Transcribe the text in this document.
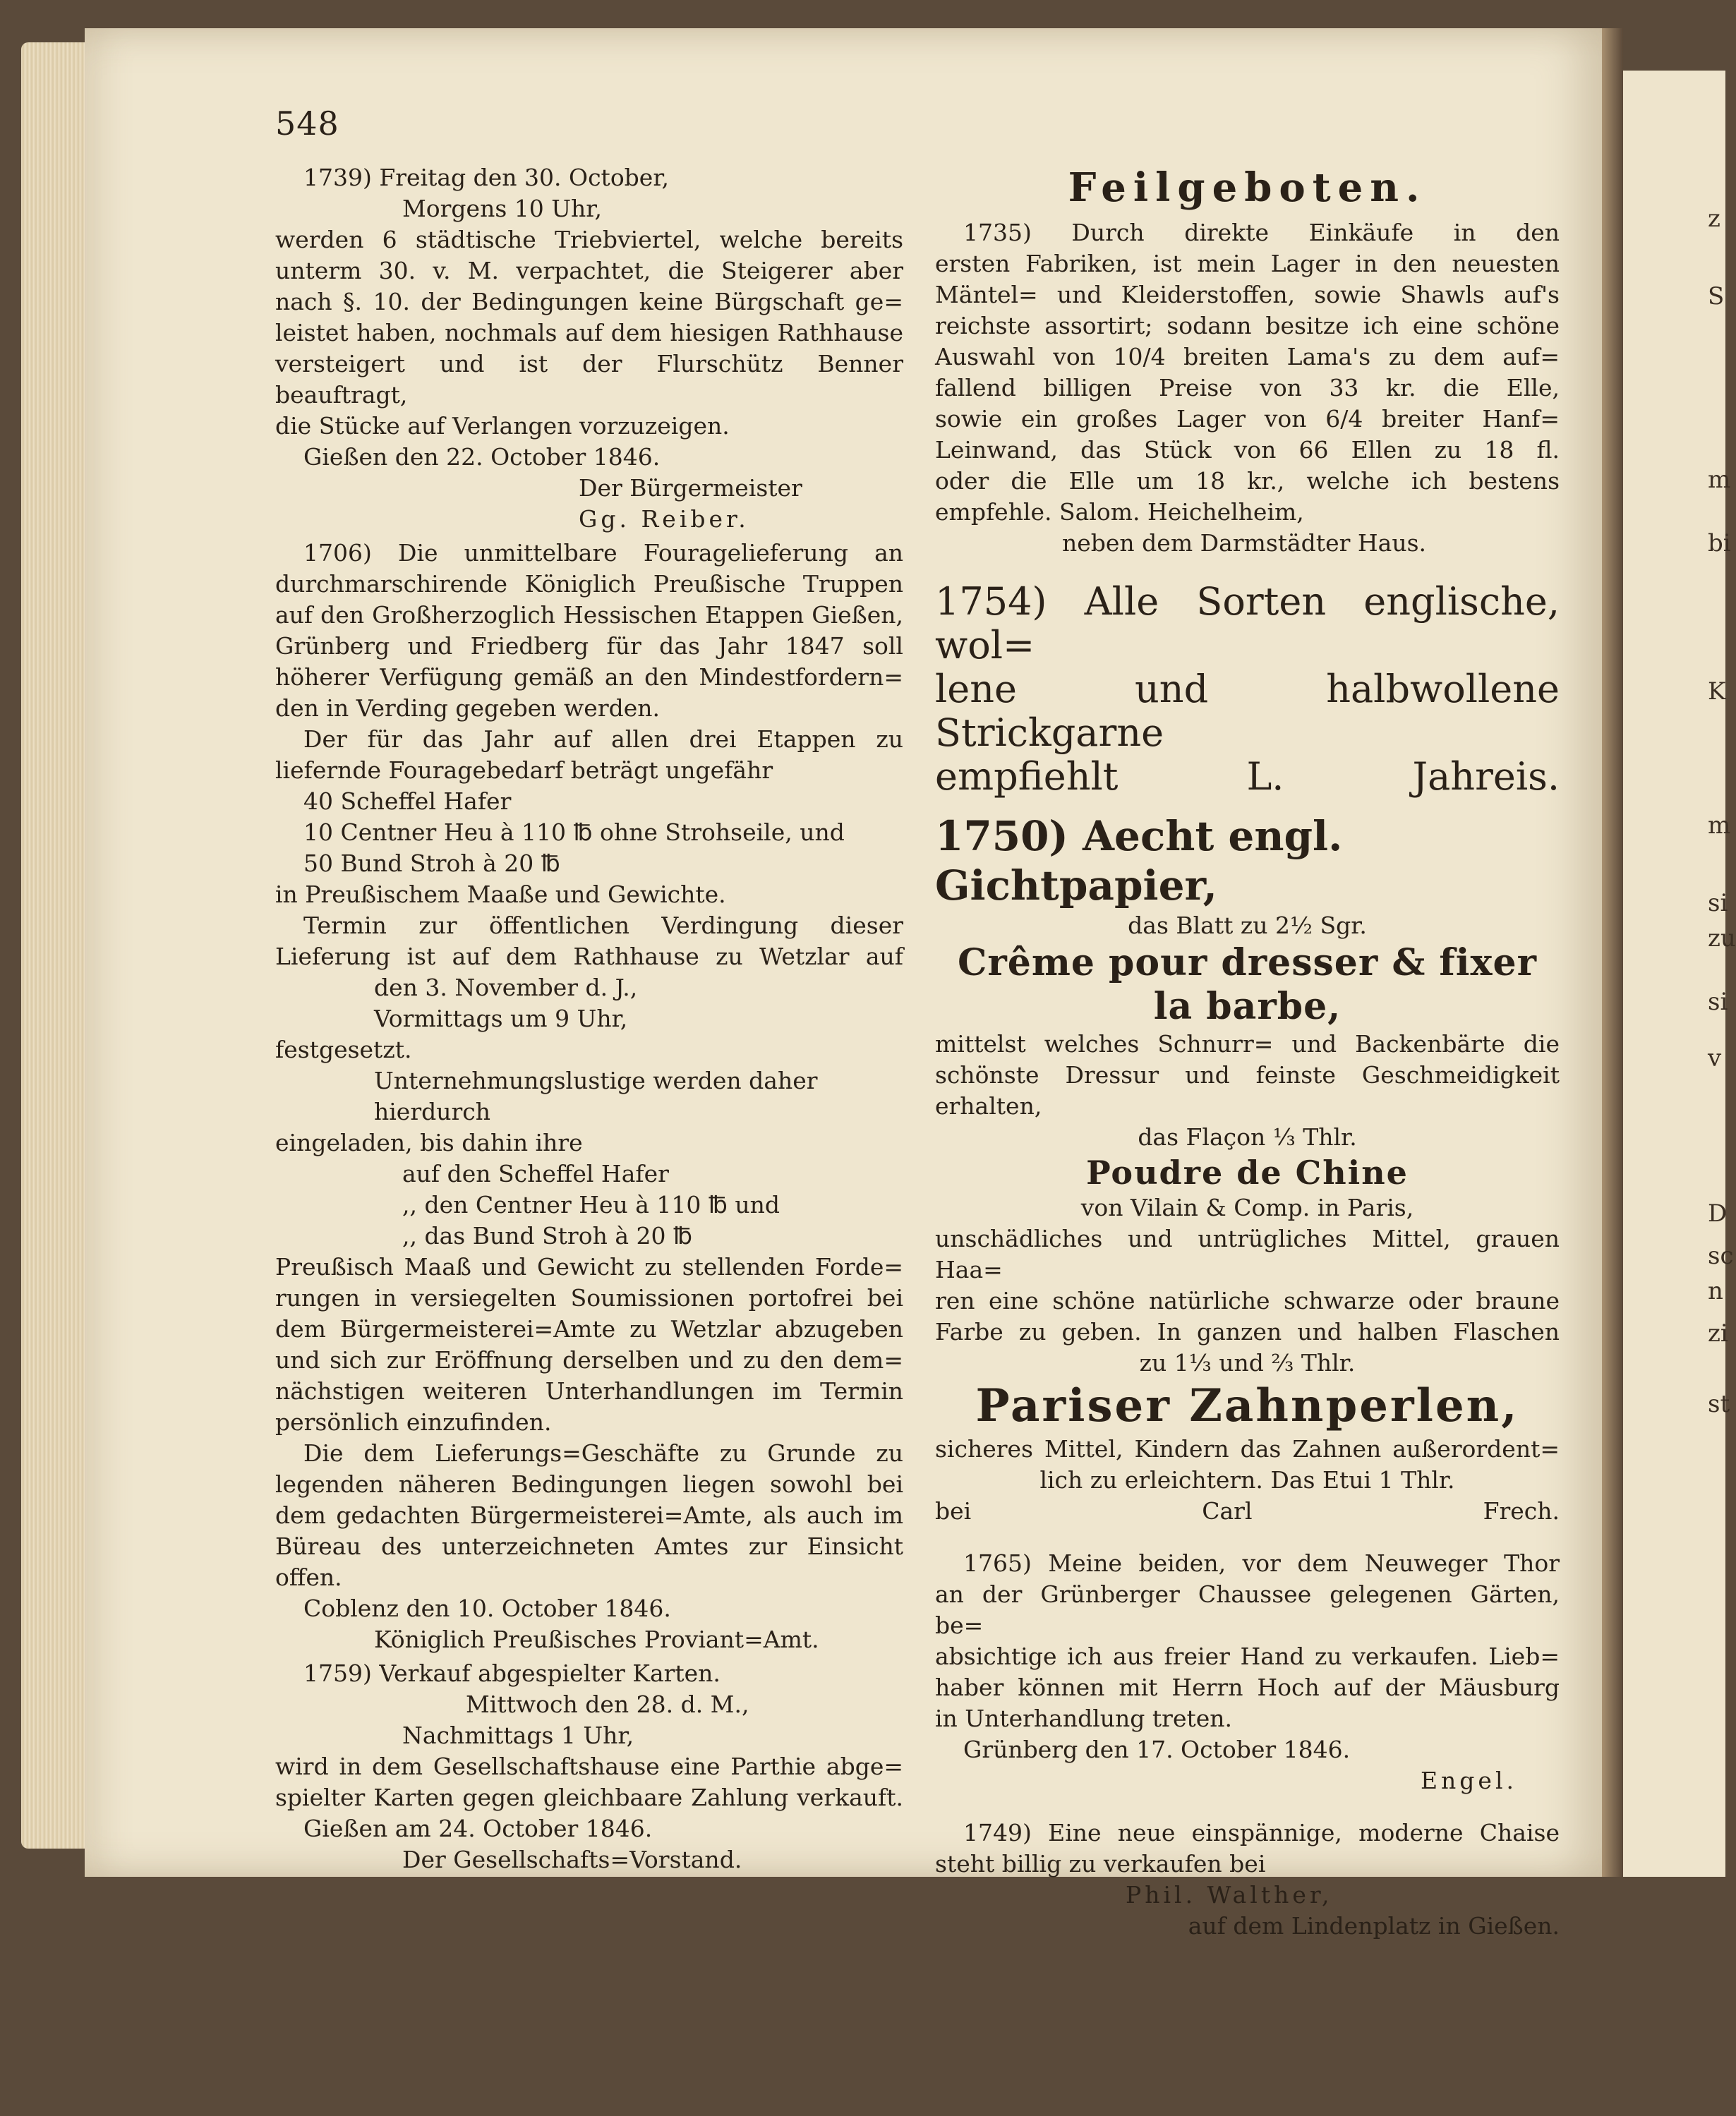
z
S
m
bi
K
m
si
zu
si
v
D
sc
n
zi
st
548

1739) Freitag den 30. October,

Morgens 10 Uhr,

werden 6 städtische Triebviertel, welche bereits

unterm 30. v. M. verpachtet, die Steigerer aber

nach §. 10. der Bedingungen keine Bürgschaft ge=

leistet haben, nochmals auf dem hiesigen Rathhause

versteigert und ist der Flurschütz Benner beauftragt,

die Stücke auf Verlangen vorzuzeigen.

Gießen den 22. October 1846.

Der Bürgermeister

Gg. Reiber.

1706) Die unmittelbare Fouragelieferung an

durchmarschirende Königlich Preußische Truppen

auf den Großherzoglich Hessischen Etappen Gießen,

Grünberg und Friedberg für das Jahr 1847 soll

höherer Verfügung gemäß an den Mindestfordern=

den in Verding gegeben werden.

Der für das Jahr auf allen drei Etappen zu

liefernde Fouragebedarf beträgt ungefähr

40 Scheffel Hafer

10 Centner Heu à 110 ℔ ohne Strohseile, und

50 Bund Stroh à 20 ℔

in Preußischem Maaße und Gewichte.

Termin zur öffentlichen Verdingung dieser

Lieferung ist auf dem Rathhause zu Wetzlar auf

den 3. November d. J.,

Vormittags um 9 Uhr,

festgesetzt.

Unternehmungslustige werden daher hierdurch

eingeladen, bis dahin ihre

auf den Scheffel Hafer

,, den Centner Heu à 110 ℔ und

,, das Bund Stroh à 20 ℔

Preußisch Maaß und Gewicht zu stellenden Forde=

rungen in versiegelten Soumissionen portofrei bei

dem Bürgermeisterei=Amte zu Wetzlar abzugeben

und sich zur Eröffnung derselben und zu den dem=

nächstigen weiteren Unterhandlungen im Termin

persönlich einzufinden.

Die dem Lieferungs=Geschäfte zu Grunde zu

legenden näheren Bedingungen liegen sowohl bei

dem gedachten Bürgermeisterei=Amte, als auch im

Büreau des unterzeichneten Amtes zur Einsicht

offen.

Coblenz den 10. October 1846.

Königlich Preußisches Proviant=Amt.

1759) Verkauf abgespielter Karten.

Mittwoch den 28. d. M.,

Nachmittags 1 Uhr,

wird in dem Gesellschaftshause eine Parthie abge=

spielter Karten gegen gleichbaare Zahlung verkauft.

Gießen am 24. October 1846.

Der Gesellschafts=Vorstand.

Feilgeboten.

1735) Durch direkte Einkäufe in den

ersten Fabriken, ist mein Lager in den neuesten

Mäntel= und Kleiderstoffen, sowie Shawls auf's

reichste assortirt; sodann besitze ich eine schöne

Auswahl von 10/4 breiten Lama's zu dem auf=

fallend billigen Preise von 33 kr. die Elle,

sowie ein großes Lager von 6/4 breiter Hanf=

Leinwand, das Stück von 66 Ellen zu 18 fl.

oder die Elle um 18 kr., welche ich bestens

empfehle. Salom. Heichelheim,

neben dem Darmstädter Haus.

1754) Alle Sorten englische, wol=

lene und halbwollene Strickgarne

empfiehlt L. Jahreis.

1750) Aecht engl. Gichtpapier,

das Blatt zu 2½ Sgr.

Crême pour dresser & fixer

la barbe,

mittelst welches Schnurr= und Backenbärte die

schönste Dressur und feinste Geschmeidigkeit erhalten,

das Flaçon ⅓ Thlr.

Poudre de Chine

von Vilain & Comp. in Paris,

unschädliches und untrügliches Mittel, grauen Haa=

ren eine schöne natürliche schwarze oder braune

Farbe zu geben. In ganzen und halben Flaschen

zu 1⅓ und ⅔ Thlr.

Pariser Zahnperlen,

sicheres Mittel, Kindern das Zahnen außerordent=

lich zu erleichtern. Das Etui 1 Thlr.

bei Carl Frech.

1765) Meine beiden, vor dem Neuweger Thor

an der Grünberger Chaussee gelegenen Gärten, be=

absichtige ich aus freier Hand zu verkaufen. Lieb=

haber können mit Herrn Hoch auf der Mäusburg

in Unterhandlung treten.

Grünberg den 17. October 1846.

Engel.

1749) Eine neue einspännige, moderne Chaise

steht billig zu verkaufen bei

Phil. Walther,

auf dem Lindenplatz in Gießen.
